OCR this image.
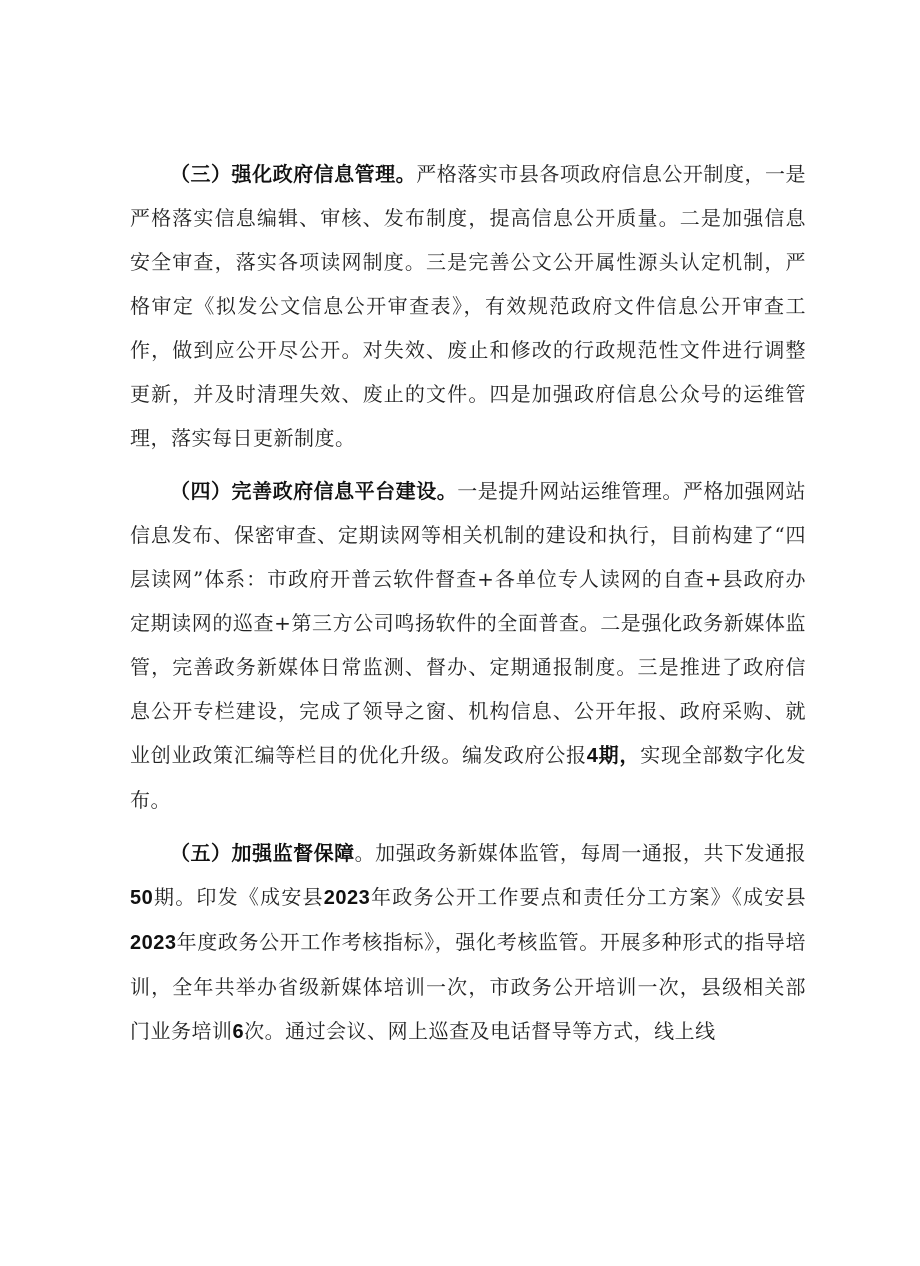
（三）强化政府信息管理。严格落实市县各项政府信息公开制度，一是严格落实信息编辑、审核、发布制度，提高信息公开质量。二是加强信息安全审查，落实各项读网制度。三是完善公文公开属性源头认定机制，严格审定《拟发公文信息公开审查表》，有效规范政府文件信息公开审查工作，做到应公开尽公开。对失效、废止和修改的行政规范性文件进行调整更新，并及时清理失效、废止的文件。四是加强政府信息公众号的运维管理，落实每日更新制度。

（四）完善政府信息平台建设。一是提升网站运维管理。严格加强网站信息发布、保密审查、定期读网等相关机制的建设和执行，目前构建了“四层读网”体系：市政府开普云软件督查+各单位专人读网的自查+县政府办定期读网的巡查+第三方公司鸣扬软件的全面普查。二是强化政务新媒体监管，完善政务新媒体日常监测、督办、定期通报制度。三是推进了政府信息公开专栏建设，完成了领导之窗、机构信息、公开年报、政府采购、就业创业政策汇编等栏目的优化升级。编发政府公报4期，实现全部数字化发布。

（五）加强监督保障。加强政务新媒体监管，每周一通报，共下发通报50期。印发《成安县2023年政务公开工作要点和责任分工方案》《成安县2023年度政务公开工作考核指标》，强化考核监管。开展多种形式的指导培训，全年共举办省级新媒体培训一次，市政务公开培训一次，县级相关部门业务培训6次。通过会议、网上巡查及电话督导等方式，线上线
